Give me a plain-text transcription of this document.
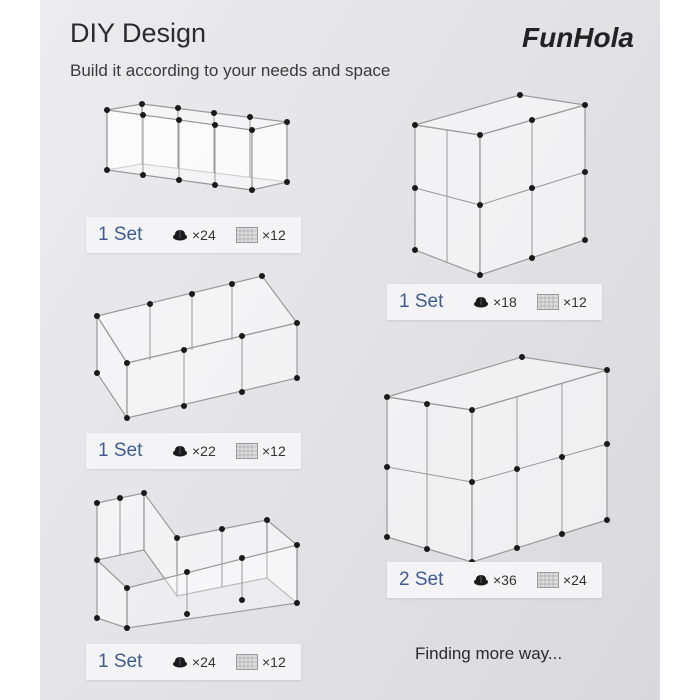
DIY Design
Build it according to your needs and space
FunHola
1 Set	×24	×12
1 Set	×18	×12
1 Set	×22	×12
2 Set	×36	×24
1 Set	×24	×12	Finding more way...
